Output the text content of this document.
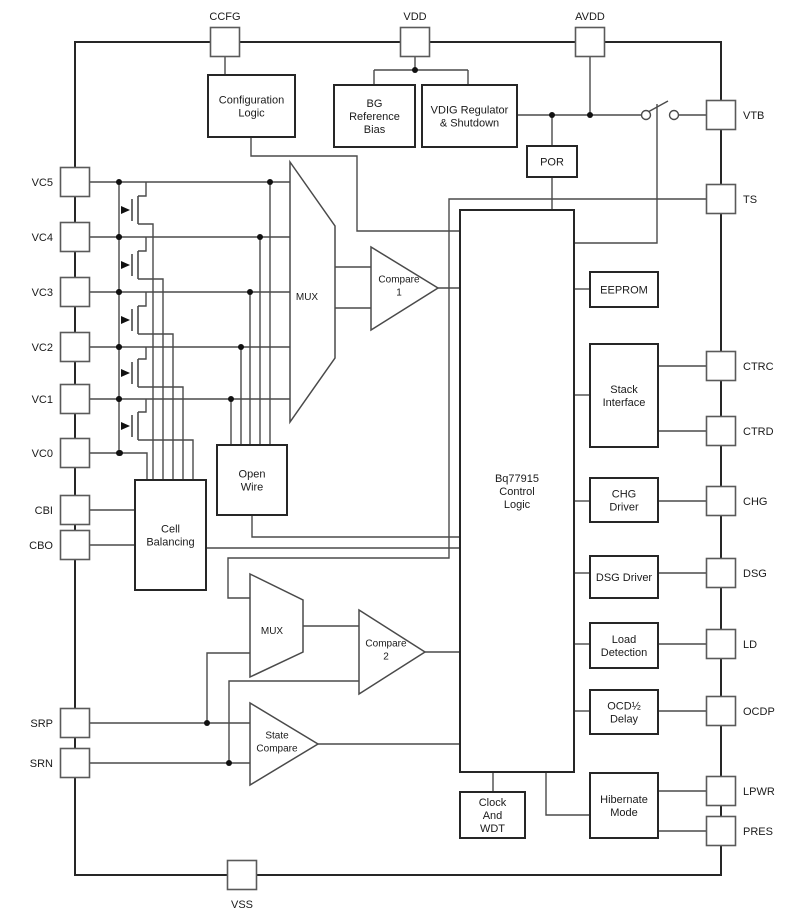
Configuration
Logic
BG
Reference
Bias
VDIG Regulator
& Shutdown
POR
Bq77915
Control
Logic
EEPROM
Stack
Interface
CHG
Driver
DSG Driver
Load
Detection
OCD½
Delay
Hibernate
Mode
Clock
And
WDT
Open
Wire
Cell
Balancing
MUX
Compare
1
MUX
Compare
2
State
Compare
CCFG	VDD	AVDD
VC5
VC4
VC3
VC2
VC1
VC0
CBI
CBO
SRP
SRN
VTB
TS
CTRC
CTRD
CHG
DSG
LD
OCDP
LPWR
PRES
VSS
